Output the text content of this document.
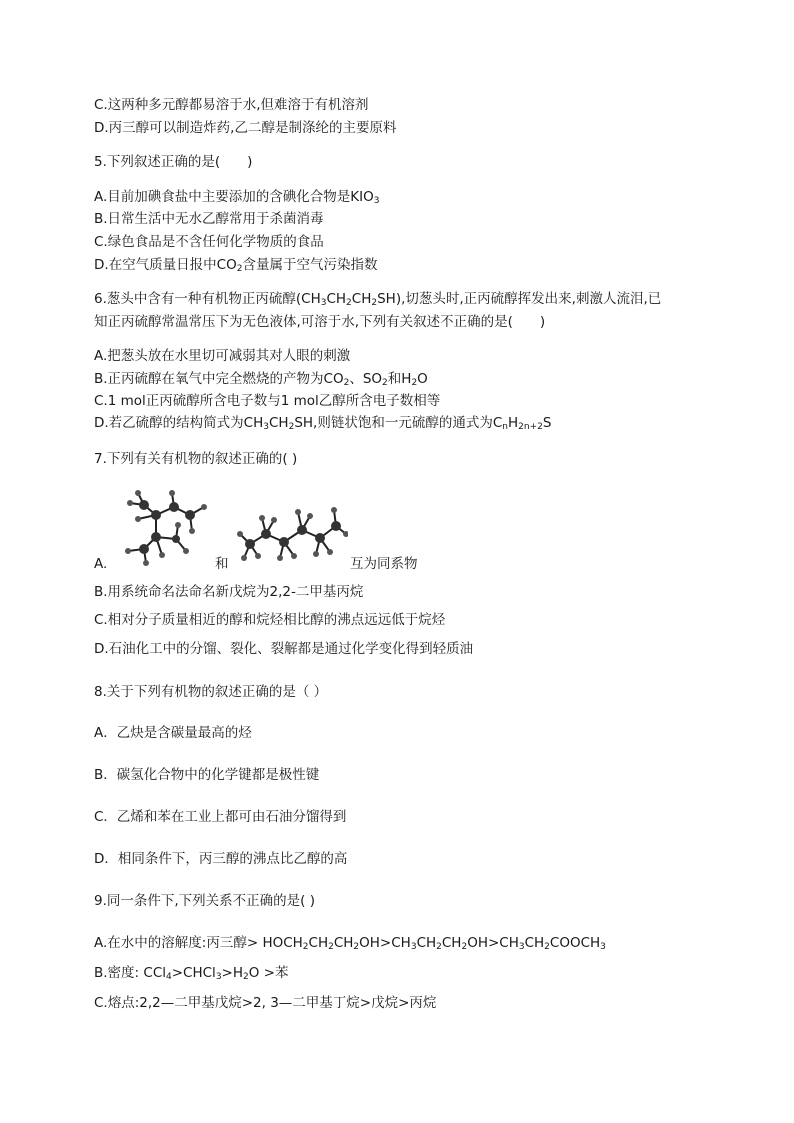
C.这两种多元醇都易溶于水,但难溶于有机溶剂
D.丙三醇可以制造炸药,乙二醇是制涤纶的主要原料
5.下列叙述正确的是(　　)
A.目前加碘食盐中主要添加的含碘化合物是$KIO_3$
B.日常生活中无水乙醇常用于杀菌消毒
C.绿色食品是不含任何化学物质的食品
D.在空气质量日报中$CO_2$含量属于空气污染指数
6.葱头中含有一种有机物正丙硫醇$(CH_3CH_2CH_2SH)$,切葱头时,正丙硫醇挥发出来,刺激人流泪,已
知正丙硫醇常温常压下为无色液体,可溶于水,下列有关叙述不正确的是(　　)
A.把葱头放在水里切可减弱其对人眼的刺激
B.正丙硫醇在氧气中完全燃烧的产物为$CO_2$、$SO_2$和$H_2O$
C.1 mol正丙硫醇所含电子数与1 mol乙醇所含电子数相等
D.若乙硫醇的结构简式为$CH_3CH_2SH$,则链状饱和一元硫醇的通式为$C_nH_{2n+2}S$
7.下列有关有机物的叙述正确的( )
A.	和	互为同系物
B.用系统命名法命名新戊烷为2,2-二甲基丙烷
C.相对分子质量相近的醇和烷烃相比醇的沸点远远低于烷烃
D.石油化工中的分馏、裂化、裂解都是通过化学变化得到轻质油
8.关于下列有机物的叙述正确的是（ ）
A．乙炔是含碳量最高的烃
B．碳氢化合物中的化学键都是极性键
C．乙烯和苯在工业上都可由石油分馏得到
D．相同条件下，丙三醇的沸点比乙醇的高
9.同一条件下,下列关系不正确的是( )
A.在水中的溶解度:丙三醇> $HOCH_2CH_2CH_2OH>CH_3CH_2CH_2OH>CH_3CH_2COOCH_3$
B.密度: $CCl_4>CHCl_3>H_2O$ >苯
C.熔点:2,2—二甲基戊烷>2, 3—二甲基丁烷>戊烷>丙烷
